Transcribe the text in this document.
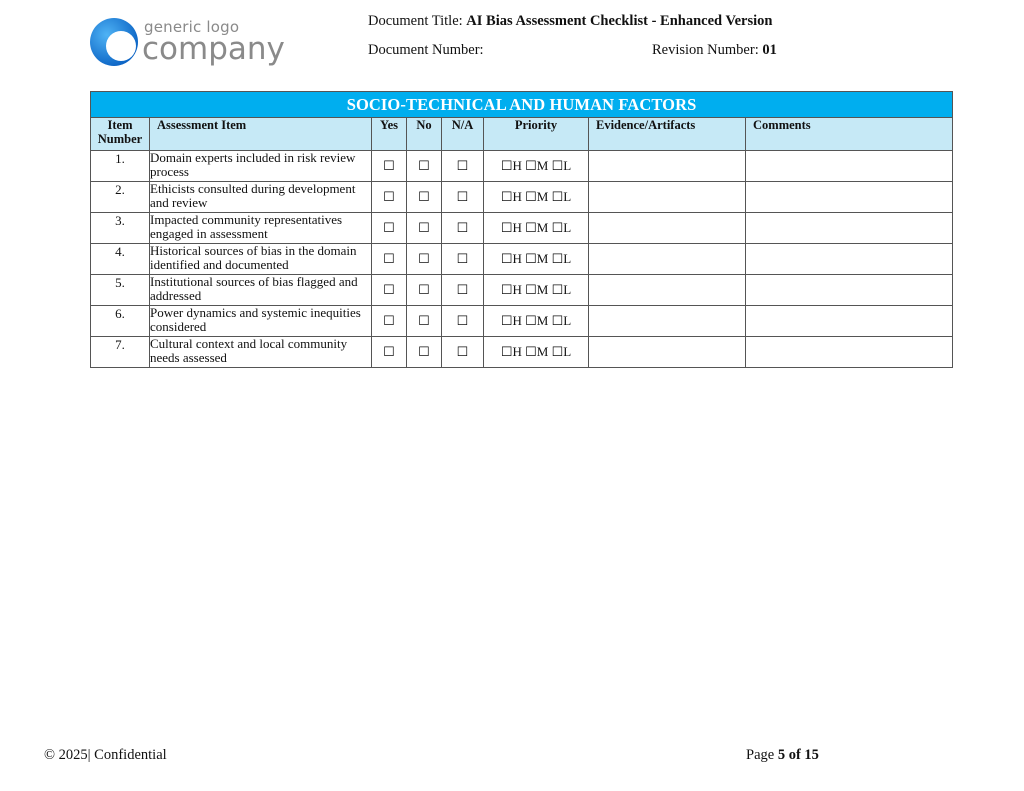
generic logo
company
Document Title: AI Bias Assessment Checklist - Enhanced Version
Document Number:	Revision Number: 01
SOCIO-TECHNICAL AND HUMAN FACTORS							
Item Number	Assessment Item	Yes	No	N/A	Priority	Evidence/Artifacts	Comments
1.	Domain experts included in risk review process	☐	☐	☐	☐H ☐M ☐L		
2.	Ethicists consulted during development and review	☐	☐	☐	☐H ☐M ☐L		
3.	Impacted community representatives engaged in assessment	☐	☐	☐	☐H ☐M ☐L		
4.	Historical sources of bias in the domain identified and documented	☐	☐	☐	☐H ☐M ☐L		
5.	Institutional sources of bias flagged and addressed	☐	☐	☐	☐H ☐M ☐L		
6.	Power dynamics and systemic inequities considered	☐	☐	☐	☐H ☐M ☐L		
7.	Cultural context and local community needs assessed	☐	☐	☐	☐H ☐M ☐L		
© 2025| Confidential	Page 5 of 15
